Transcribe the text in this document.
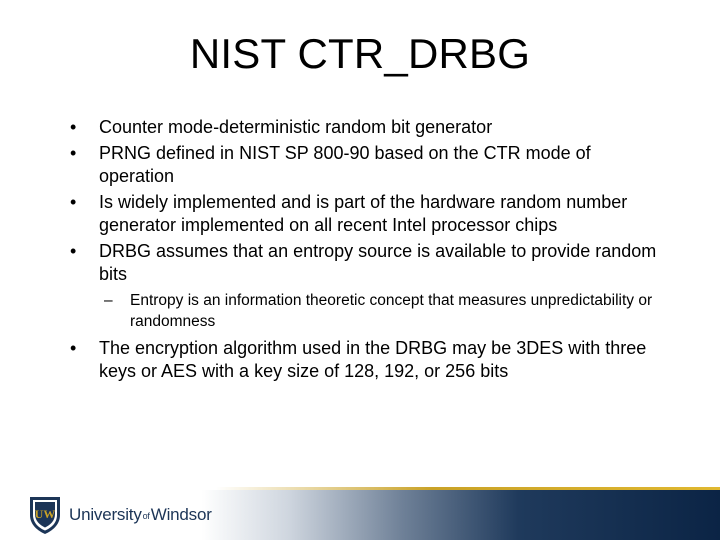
NIST CTR_DRBG
• Counter mode-deterministic random bit generator
• PRNG defined in NIST SP 800-90 based on the CTR mode of operation
• Is widely implemented and is part of the hardware random number generator implemented on all recent Intel processor chips
• DRBG assumes that an entropy source is available to provide random bits
– Entropy is an information theoretic concept that measures unpredictability or randomness
• The encryption algorithm used in the DRBG may be 3DES with three keys or AES with a key size of 128, 192, or 256 bits
UW UniversityofWindsor
